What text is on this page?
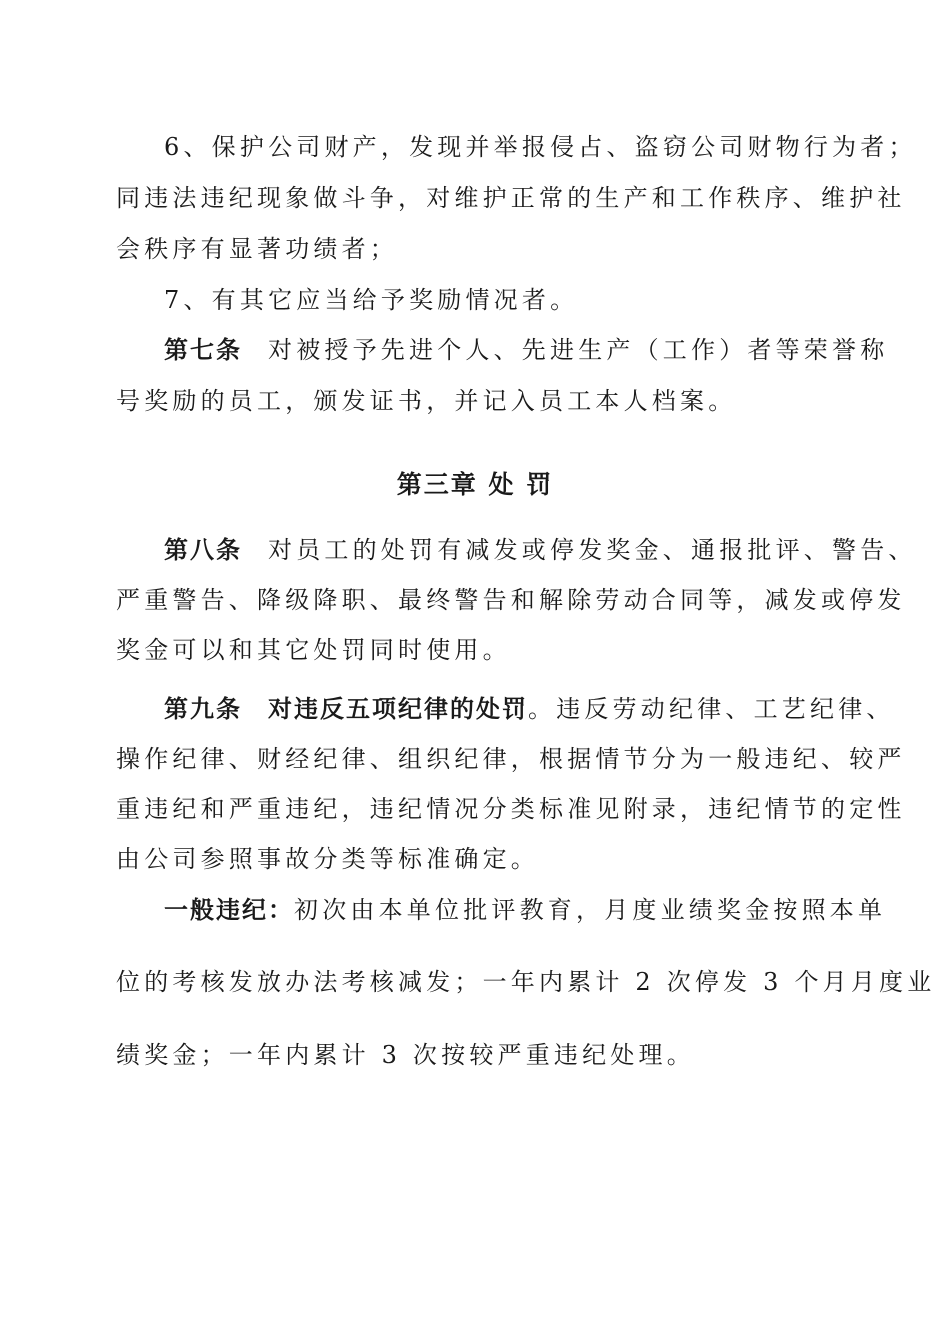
6、保护公司财产，发现并举报侵占、盗窃公司财物行为者；

同违法违纪现象做斗争，对维护正常的生产和工作秩序、维护社

会秩序有显著功绩者；

7、有其它应当给予奖励情况者。

第七条 对被授予先进个人、先进生产（工作）者等荣誉称

号奖励的员工，颁发证书，并记入员工本人档案。

第三章 处 罚

第八条 对员工的处罚有减发或停发奖金、通报批评、警告、

严重警告、降级降职、最终警告和解除劳动合同等，减发或停发

奖金可以和其它处罚同时使用。

第九条 对违反五项纪律的处罚。违反劳动纪律、工艺纪律、

操作纪律、财经纪律、组织纪律，根据情节分为一般违纪、较严

重违纪和严重违纪，违纪情况分类标准见附录，违纪情节的定性

由公司参照事故分类等标准确定。

一般违纪：初次由本单位批评教育，月度业绩奖金按照本单

位的考核发放办法考核减发；一年内累计 2 次停发 3 个月月度业

绩奖金；一年内累计 3 次按较严重违纪处理。
